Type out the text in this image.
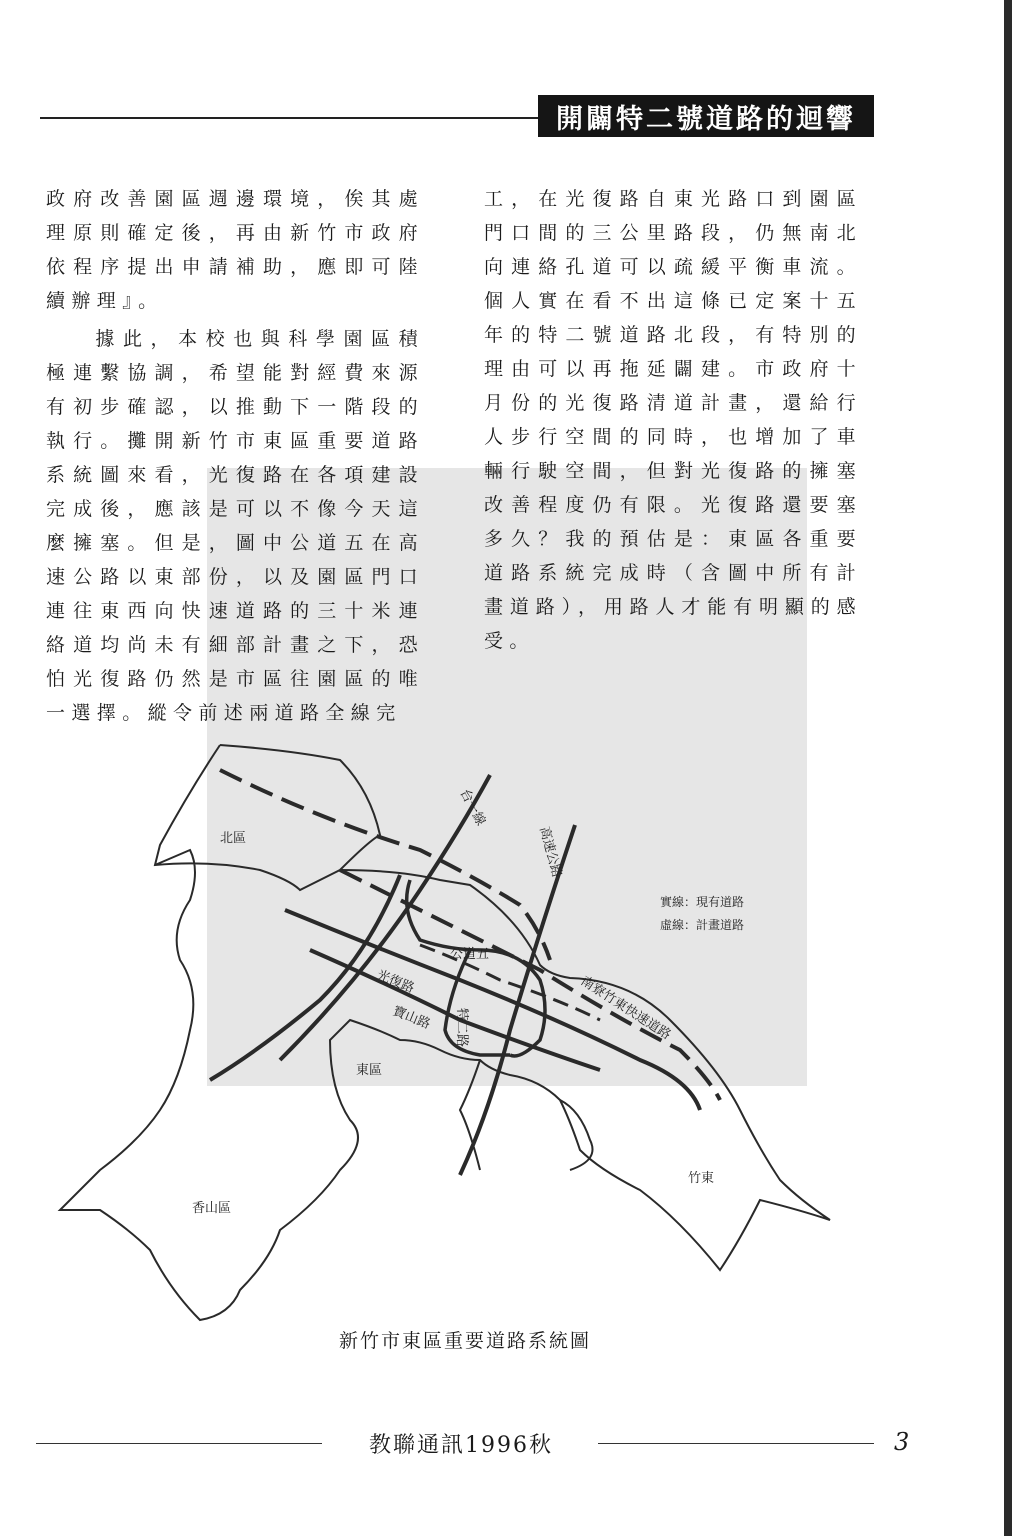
開闢特二號道路的迴響

政府改善園區週邊環境，俟其處理原則確定後，再由新竹市政府依程序提出申請補助，應即可陸續辦理』。

據此，本校也與科學園區積極連繫協調，希望能對經費來源有初步確認，以推動下一階段的執行。攤開新竹市東區重要道路系統圖來看，光復路在各項建設完成後，應該是可以不像今天這麼擁塞。但是，圖中公道五在高速公路以東部份，以及園區門口連往東西向快速道路的三十米連絡道均尚未有細部計畫之下，恐怕光復路仍然是市區往園區的唯一選擇。縱令前述兩道路全線完

工，在光復路自東光路口到園區門口間的三公里路段，仍無南北向連絡孔道可以疏緩平衡車流。個人實在看不出這條已定案十五年的特二號道路北段，有特別的理由可以再拖延闢建。市政府十月份的光復路清道計畫，還給行人步行空間的同時，也增加了車輛行駛空間，但對光復路的擁塞改善程度仍有限。光復路還要塞多久？我的預估是：東區各重要道路系統完成時（含圖中所有計畫道路），用路人才能有明顯的感受。

北區
東區
香山區
竹東
台一線
高速公路
公道五
光復路
寶山路 特二路	南寮竹東快速道路
實線：現有道路
虛線：計畫道路
新竹市東區重要道路系統圖
教聯通訊1996秋	3
